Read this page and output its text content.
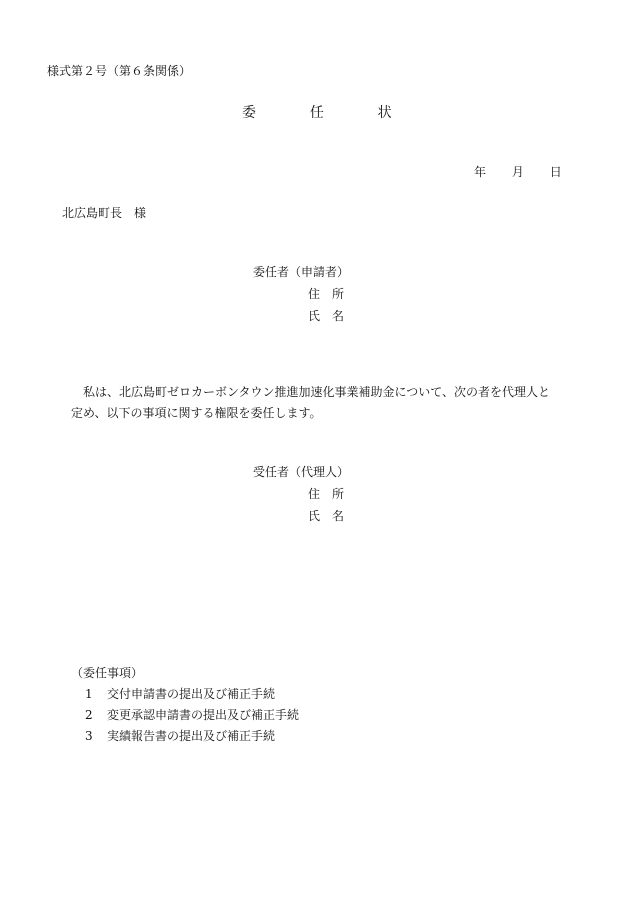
様式第２号（第６条関係）
委	任	状
年 月 日
北広島町長　様
委任者（申請者）
住　所
氏　名
私は、北広島町ゼロカーボンタウン推進加速化事業補助金について、次の者を代理人と
定め、以下の事項に関する権限を委任します。
受任者（代理人）
住　所
氏　名
（委任事項）
1 交付申請書の提出及び補正手続
2 変更承認申請書の提出及び補正手続
3 実績報告書の提出及び補正手続
